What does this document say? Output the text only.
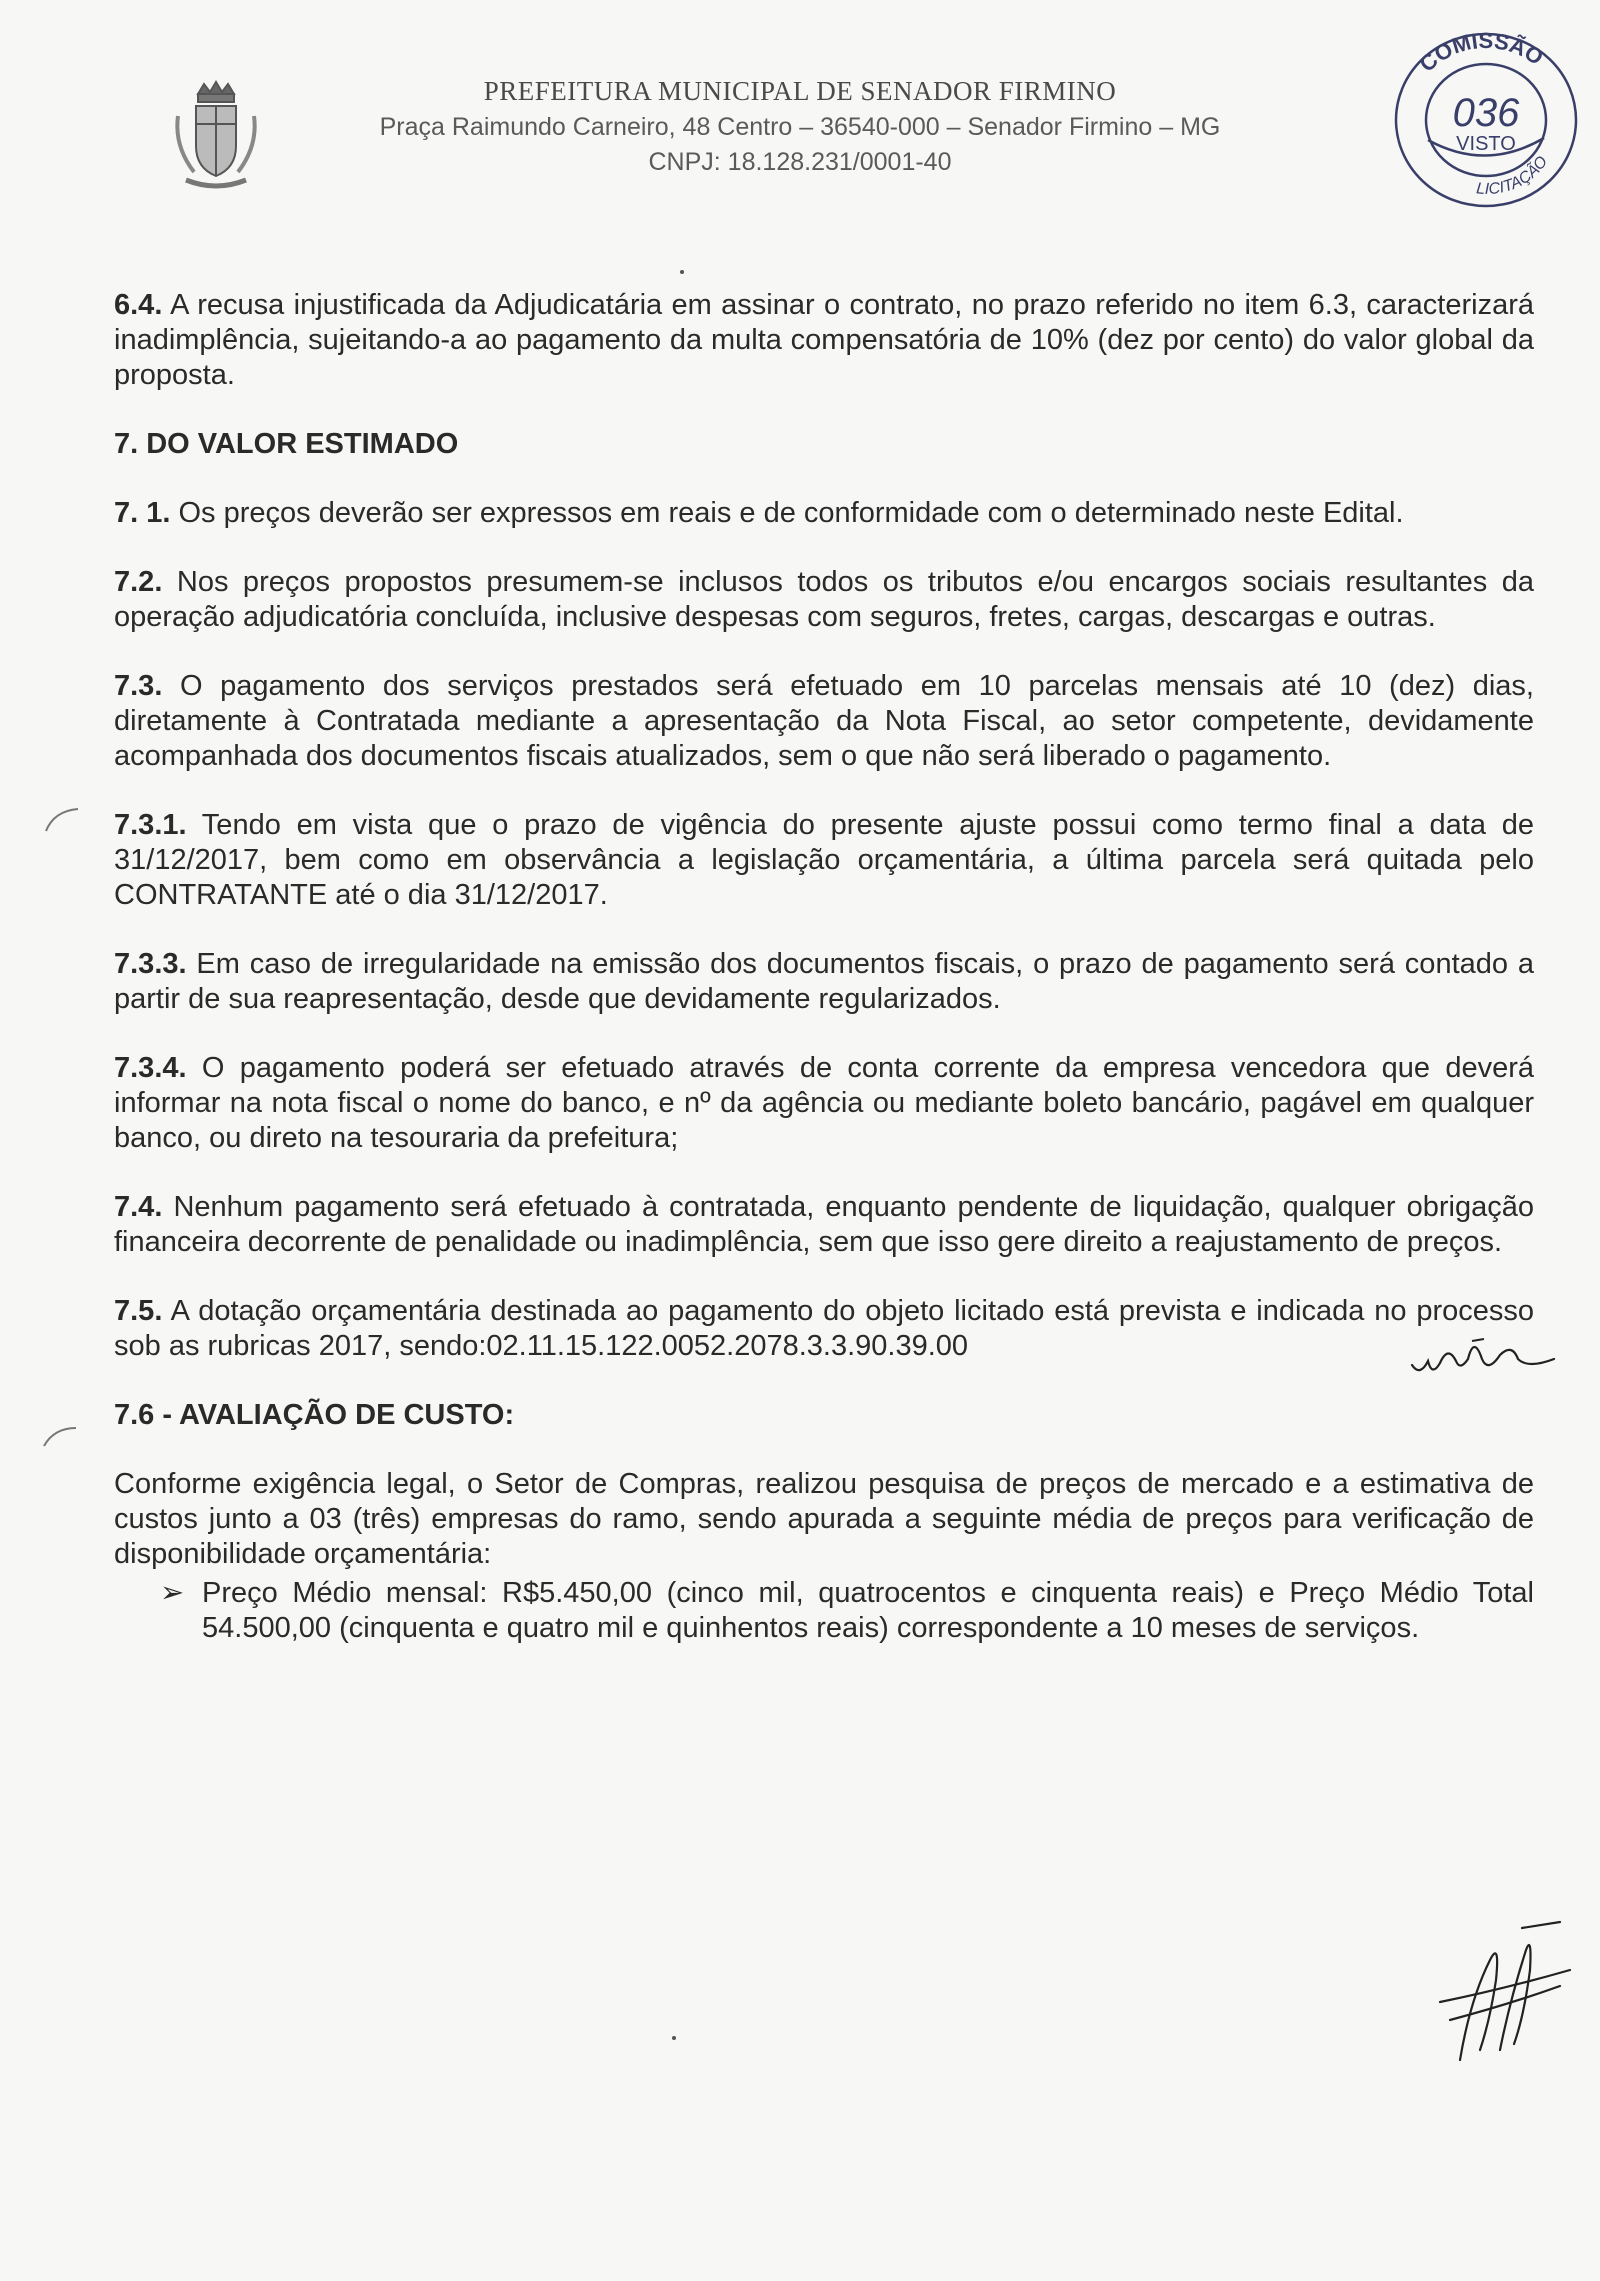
PREFEITURA MUNICIPAL DE SENADOR FIRMINO
Praça Raimundo Carneiro, 48 Centro – 36540-000 – Senador Firmino – MG
CNPJ: 18.128.231/0001-40
COMISSÃO
036
VISTO
LICITAÇÃO

6.4. A recusa injustificada da Adjudicatária em assinar o contrato, no prazo referido no item 6.3, caracterizará inadimplência, sujeitando-a ao pagamento da multa compensatória de 10% (dez por cento) do valor global da proposta.

7. DO VALOR ESTIMADO

7. 1. Os preços deverão ser expressos em reais e de conformidade com o determinado neste Edital.

7.2. Nos preços propostos presumem-se inclusos todos os tributos e/ou encargos sociais resultantes da operação adjudicatória concluída, inclusive despesas com seguros, fretes, cargas, descargas e outras.

7.3. O pagamento dos serviços prestados será efetuado em 10 parcelas mensais até 10 (dez) dias, diretamente à Contratada mediante a apresentação da Nota Fiscal, ao setor competente, devidamente acompanhada dos documentos fiscais atualizados, sem o que não será liberado o pagamento.

7.3.1. Tendo em vista que o prazo de vigência do presente ajuste possui como termo final a data de 31/12/2017, bem como em observância a legislação orçamentária, a última parcela será quitada pelo CONTRATANTE até o dia 31/12/2017.

7.3.3. Em caso de irregularidade na emissão dos documentos fiscais, o prazo de pagamento será contado a partir de sua reapresentação, desde que devidamente regularizados.

7.3.4. O pagamento poderá ser efetuado através de conta corrente da empresa vencedora que deverá informar na nota fiscal o nome do banco, e nº da agência ou mediante boleto bancário, pagável em qualquer banco, ou direto na tesouraria da prefeitura;

7.4. Nenhum pagamento será efetuado à contratada, enquanto pendente de liquidação, qualquer obrigação financeira decorrente de penalidade ou inadimplência, sem que isso gere direito a reajustamento de preços.

7.5. A dotação orçamentária destinada ao pagamento do objeto licitado está prevista e indicada no processo sob as rubricas 2017, sendo:02.11.15.122.0052.2078.3.3.90.39.00

7.6 - AVALIAÇÃO DE CUSTO:

Conforme exigência legal, o Setor de Compras, realizou pesquisa de preços de mercado e a estimativa de custos junto a 03 (três) empresas do ramo, sendo apurada a seguinte média de preços para verificação de disponibilidade orçamentária:

➢ Preço Médio mensal: R$5.450,00 (cinco mil, quatrocentos e cinquenta reais) e Preço Médio Total 54.500,00 (cinquenta e quatro mil e quinhentos reais) correspondente a 10 meses de serviços.
